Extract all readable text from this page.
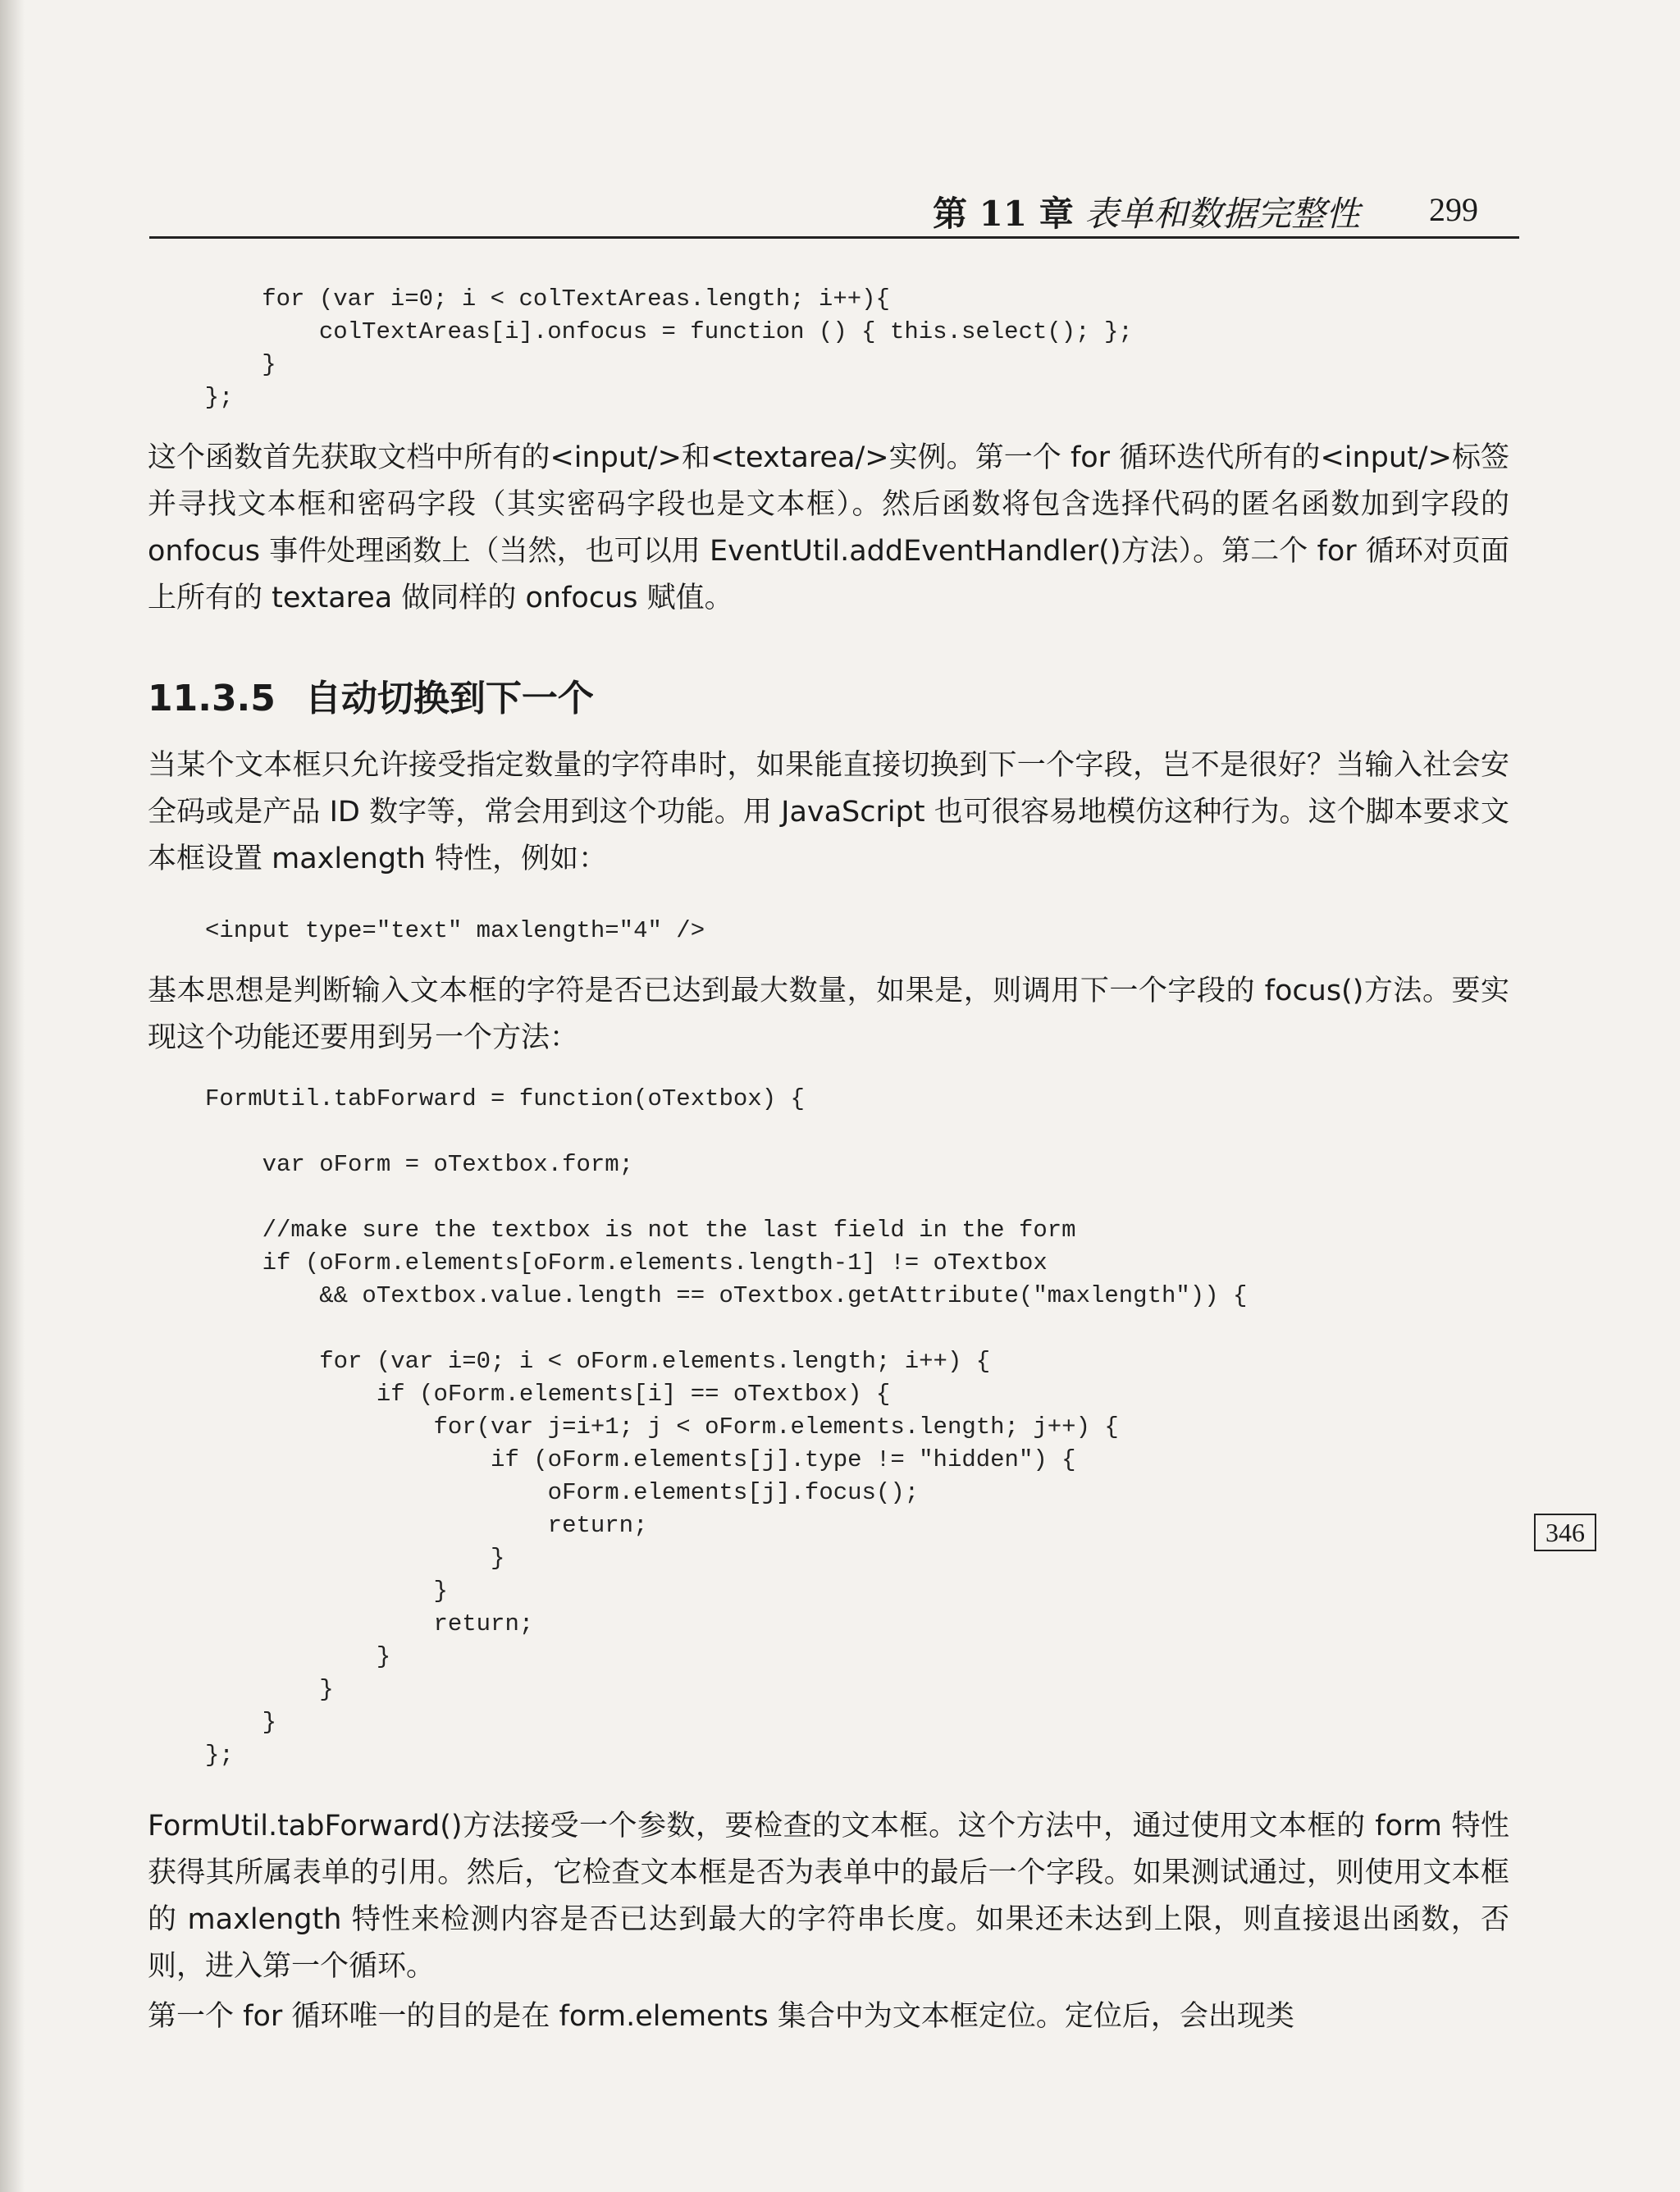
第 11 章 表单和数据完整性 299
for (var i=0; i < colTextAreas.length; i++){
colTextAreas[i].onfocus = function () { this.select(); };
}
};

这个函数首先获取文档中所有的<input/>和<textarea/>实例。第一个 for 循环迭代所有的<input/>标签并寻找文本框和密码字段（其实密码字段也是文本框）。然后函数将包含选择代码的匿名函数加到字段的 onfocus 事件处理函数上（当然，也可以用 EventUtil.addEventHandler()方法）。第二个 for 循环对页面上所有的 textarea 做同样的 onfocus 赋值。

11.3.5 自动切换到下一个

当某个文本框只允许接受指定数量的字符串时，如果能直接切换到下一个字段，岂不是很好？当输入社会安全码或是产品 ID 数字等，常会用到这个功能。用 JavaScript 也可很容易地模仿这种行为。这个脚本要求文本框设置 maxlength 特性，例如：

<input type="text" maxlength="4" />

基本思想是判断输入文本框的字符是否已达到最大数量，如果是，则调用下一个字段的 focus()方法。要实现这个功能还要用到另一个方法：

FormUtil.tabForward = function(oTextbox) {

var oForm = oTextbox.form;

//make sure the textbox is not the last field in the form
if (oForm.elements[oForm.elements.length-1] != oTextbox
&& oTextbox.value.length == oTextbox.getAttribute("maxlength")) {

for (var i=0; i < oForm.elements.length; i++) {
if (oForm.elements[i] == oTextbox) {
for(var j=i+1; j < oForm.elements.length; j++) {
if (oForm.elements[j].type != "hidden") {
oForm.elements[j].focus();
return;
}
}
return;
}
}
}
};
346

FormUtil.tabForward()方法接受一个参数，要检查的文本框。这个方法中，通过使用文本框的 form 特性获得其所属表单的引用。然后，它检查文本框是否为表单中的最后一个字段。如果测试通过，则使用文本框的 maxlength 特性来检测内容是否已达到最大的字符串长度。如果还未达到上限，则直接退出函数，否则，进入第一个循环。

第一个 for 循环唯一的目的是在 form.elements 集合中为文本框定位。定位后，会出现类
